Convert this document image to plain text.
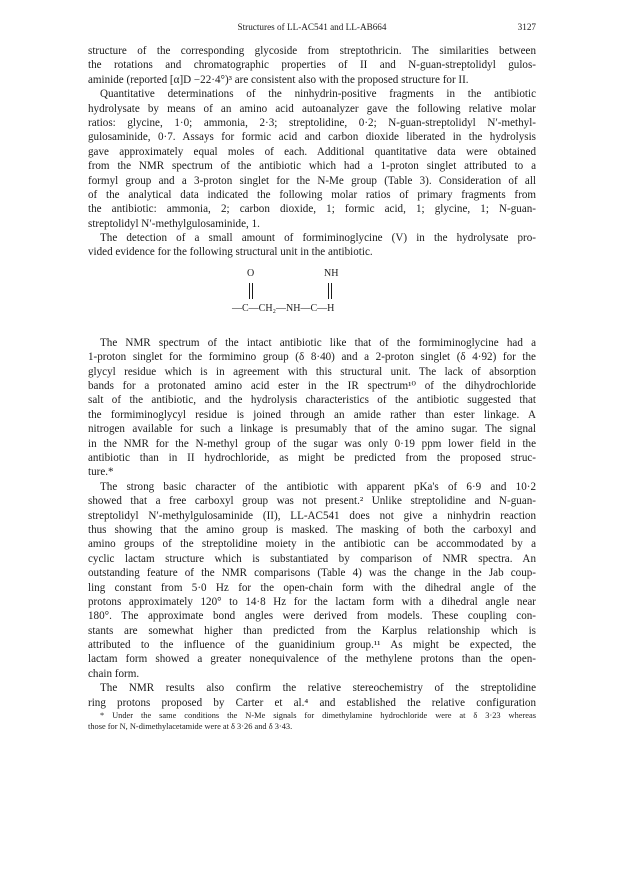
Structures of LL-AC541 and LL-AB664	3127
structure of the corresponding glycoside from streptothricin. The similarities between
the rotations and chromatographic properties of II and N-guan-streptolidyl gulos-
aminide (reported [α]D −22·4°)³ are consistent also with the proposed structure for II.
Quantitative determinations of the ninhydrin-positive fragments in the antibiotic
hydrolysate by means of an amino acid autoanalyzer gave the following relative molar
ratios: glycine, 1·0; ammonia, 2·3; streptolidine, 0·2; N-guan-streptolidyl N′-methyl-
gulosaminide, 0·7. Assays for formic acid and carbon dioxide liberated in the hydrolysis
gave approximately equal moles of each. Additional quantitative data were obtained
from the NMR spectrum of the antibiotic which had a 1-proton singlet attributed to a
formyl group and a 3-proton singlet for the N-Me group (Table 3). Consideration of all
of the analytical data indicated the following molar ratios of primary fragments from
the antibiotic: ammonia, 2; carbon dioxide, 1; formic acid, 1; glycine, 1; N-guan-
streptolidyl N′-methylgulosaminide, 1.
The detection of a small amount of formiminoglycine (V) in the hydrolysate pro-
vided evidence for the following structural unit in the antibiotic.
O	NH
—C—CH₂—NH—C—H
The NMR spectrum of the intact antibiotic like that of the formiminoglycine had a
1-proton singlet for the formimino group (δ 8·40) and a 2-proton singlet (δ 4·92) for the
glycyl residue which is in agreement with this structural unit. The lack of absorption
bands for a protonated amino acid ester in the IR spectrum¹⁰ of the dihydrochloride
salt of the antibiotic, and the hydrolysis characteristics of the antibiotic suggested that
the formiminoglycyl residue is joined through an amide rather than ester linkage. A
nitrogen available for such a linkage is presumably that of the amino sugar. The signal
in the NMR for the N-methyl group of the sugar was only 0·19 ppm lower field in the
antibiotic than in II hydrochloride, as might be predicted from the proposed struc-
ture.*
The strong basic character of the antibiotic with apparent pKa's of 6·9 and 10·2
showed that a free carboxyl group was not present.² Unlike streptolidine and N-guan-
streptolidyl N′-methylgulosaminide (II), LL-AC541 does not give a ninhydrin reaction
thus showing that the amino group is masked. The masking of both the carboxyl and
amino groups of the streptolidine moiety in the antibiotic can be accommodated by a
cyclic lactam structure which is substantiated by comparison of NMR spectra. An
outstanding feature of the NMR comparisons (Table 4) was the change in the Jab coup-
ling constant from 5·0 Hz for the open-chain form with the dihedral angle of the
protons approximately 120° to 14·8 Hz for the lactam form with a dihedral angle near
180°. The approximate bond angles were derived from models. These coupling con-
stants are somewhat higher than predicted from the Karplus relationship which is
attributed to the influence of the guanidinium group.¹¹ As might be expected, the
lactam form showed a greater nonequivalence of the methylene protons than the open-
chain form.
The NMR results also confirm the relative stereochemistry of the streptolidine
ring protons proposed by Carter et al.⁴ and established the relative configuration
* Under the same conditions the N-Me signals for dimethylamine hydrochloride were at δ 3·23 whereas
those for N, N-dimethylacetamide were at δ 3·26 and δ 3·43.
